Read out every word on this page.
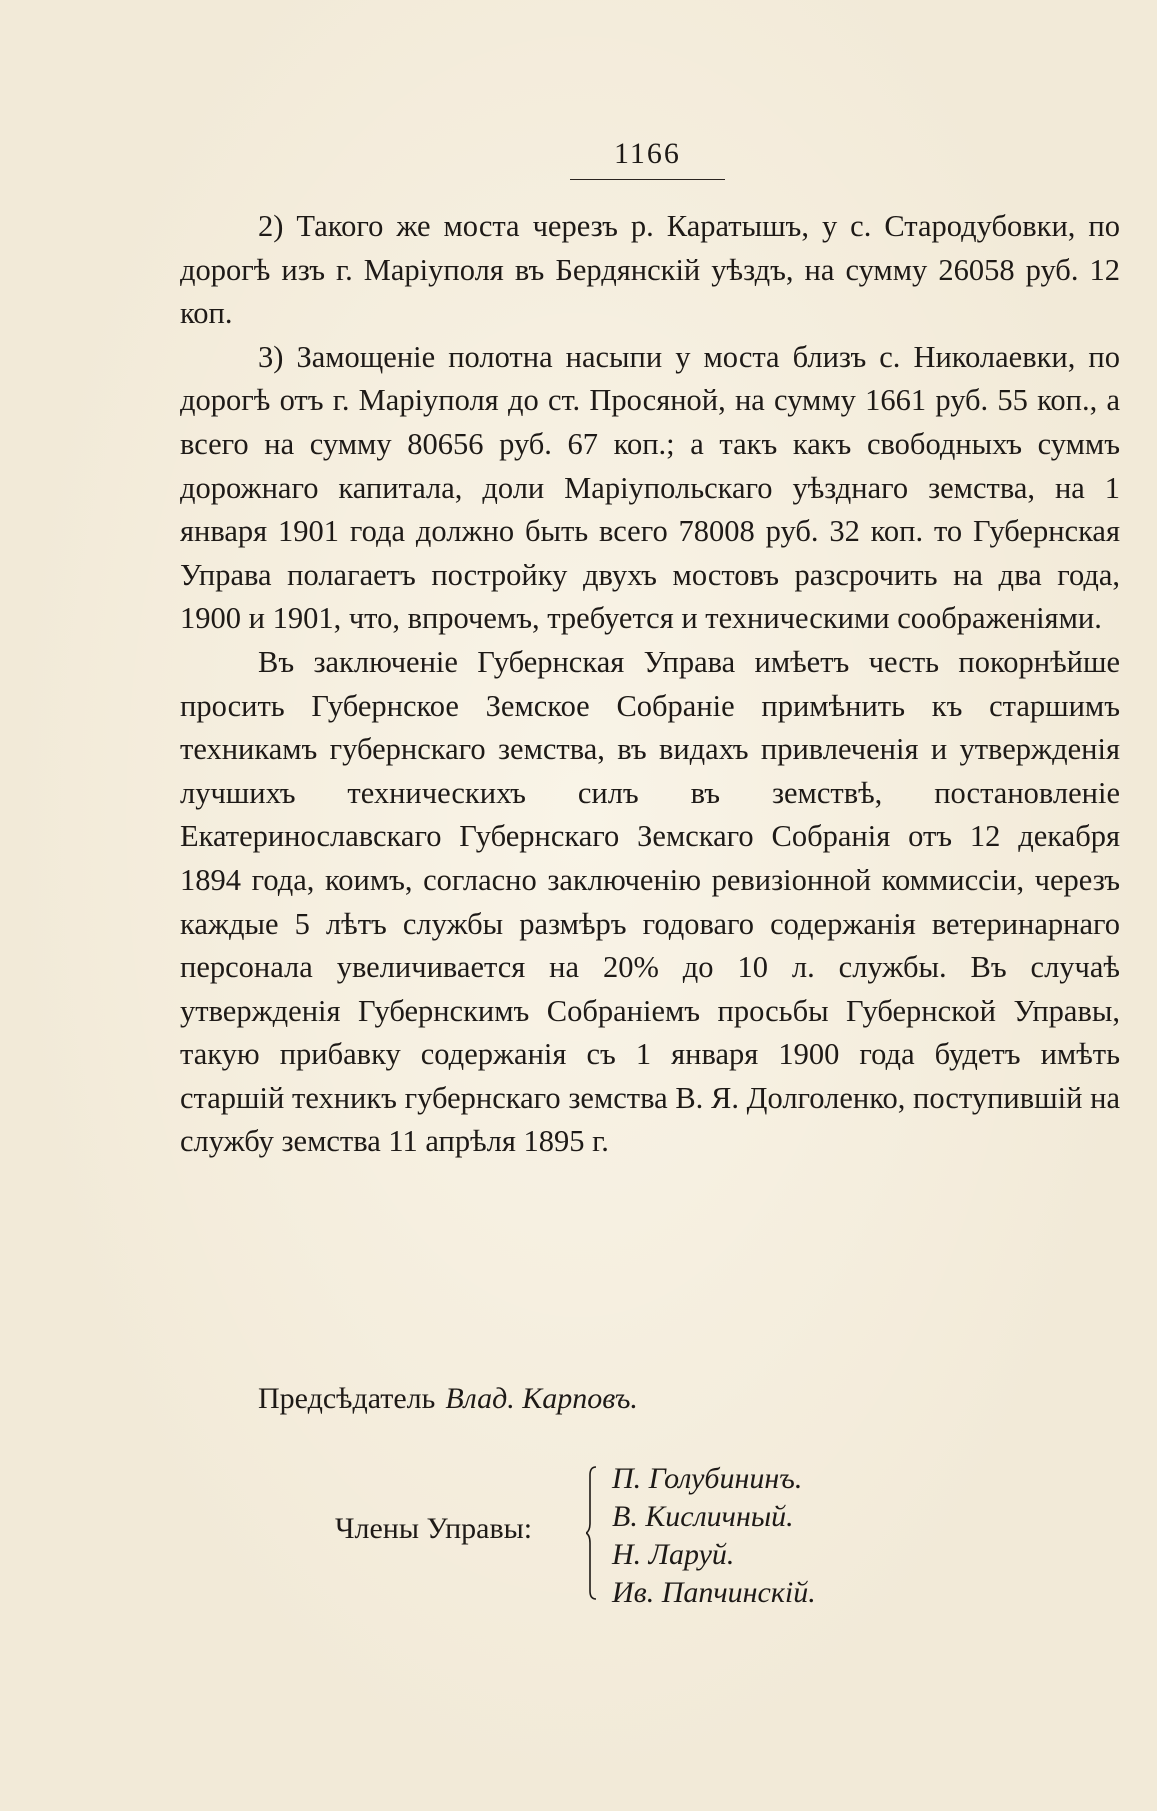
1166

2) Такого же моста черезъ р. Каратышъ, у с. Стародубовки, по дорогѣ изъ г. Маріуполя въ Бердянскій уѣздъ, на сумму 26058 руб. 12 коп.

3) Замощеніе полотна насыпи у моста близъ с. Николаевки, по дорогѣ отъ г. Маріуполя до ст. Просяной, на сумму 1661 руб. 55 коп., а всего на сумму 80656 руб. 67 коп.; а такъ какъ свободныхъ суммъ дорожнаго капитала, доли Маріупольскаго уѣзднаго земства, на 1 января 1901 года должно быть всего 78008 руб. 32 коп. то Губернская Управа полагаетъ постройку двухъ мостовъ разсрочить на два года, 1900 и 1901, что, впрочемъ, требуется и техническими соображеніями.

Въ заключеніе Губернская Управа имѣетъ честь покорнѣйше просить Губернское Земское Собраніе примѣнить къ старшимъ техникамъ губернскаго земства, въ видахъ привлеченія и утвержденія лучшихъ техническихъ силъ въ земствѣ, постановленіе Екатеринославскаго Губернскаго Земскаго Собранія отъ 12 декабря 1894 года, коимъ, согласно заключенію ревизіонной коммиссіи, черезъ каждые 5 лѣтъ службы размѣръ годоваго содержанія ветеринарнаго персонала увеличивается на 20% до 10 л. службы. Въ случаѣ утвержденія Губернскимъ Собраніемъ просьбы Губернской Управы, такую прибавку содержанія съ 1 января 1900 года будетъ имѣть старшій техникъ губернскаго земства В. Я. Долголенко, поступившій на службу земства 11 апрѣля 1895 г.

Предсѣдатель Влад. Карповъ.
Члены Управы:
П. Голубининъ.
В. Кисличный.
Н. Ларуй.
Ив. Папчинскій.
